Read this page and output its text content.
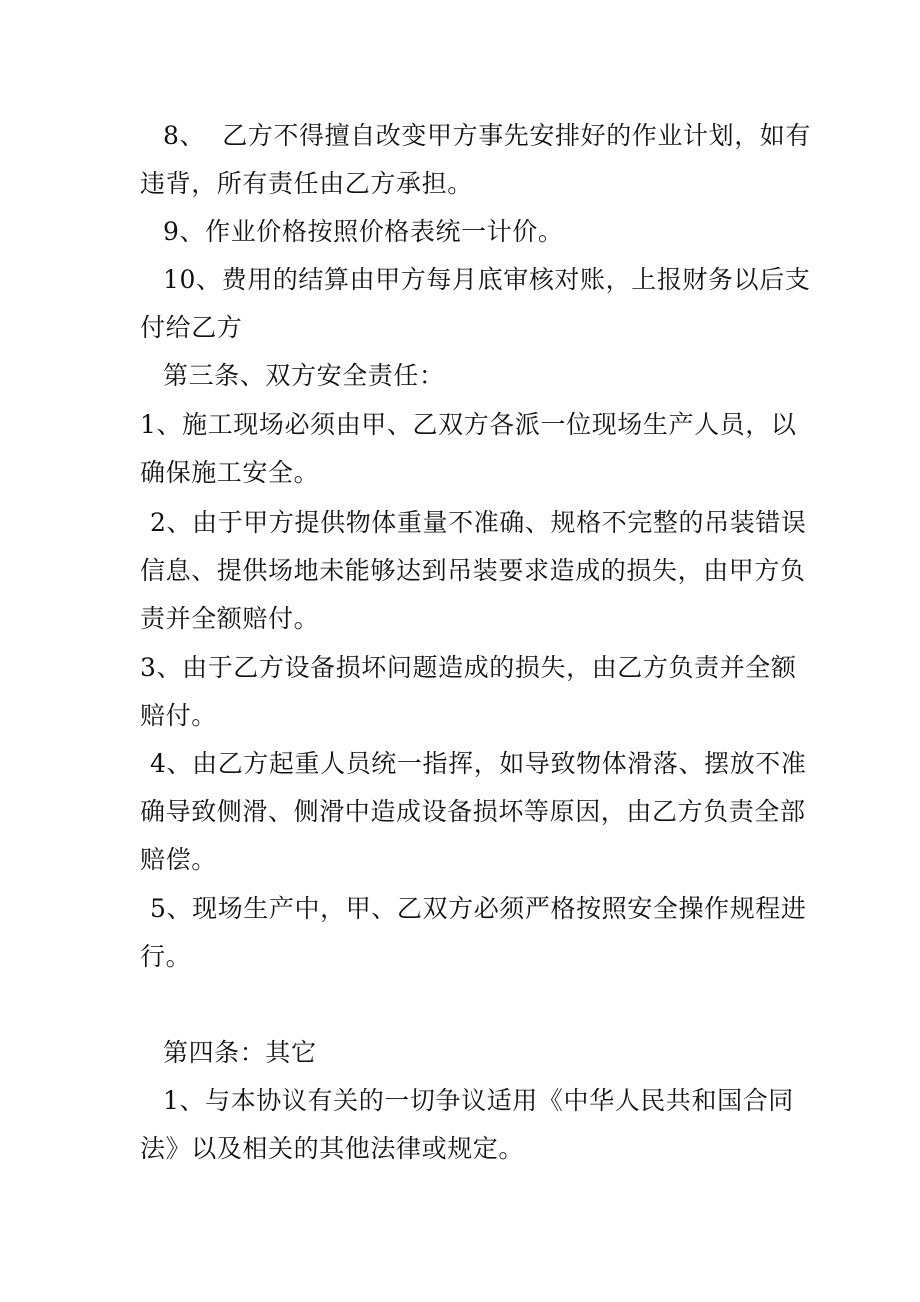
8、  乙方不得擅自改变甲方事先安排好的作业计划，如有
违背，所有责任由乙方承担。
9、作业价格按照价格表统一计价。
10、费用的结算由甲方每月底审核对账，上报财务以后支
付给乙方
第三条、双方安全责任：
1、施工现场必须由甲、乙双方各派一位现场生产人员，以
确保施工安全。
2、由于甲方提供物体重量不准确、规格不完整的吊装错误
信息、提供场地未能够达到吊装要求造成的损失，由甲方负
责并全额赔付。
3、由于乙方设备损坏问题造成的损失，由乙方负责并全额
赔付。
4、由乙方起重人员统一指挥，如导致物体滑落、摆放不准
确导致侧滑、侧滑中造成设备损坏等原因，由乙方负责全部
赔偿。
5、现场生产中，甲、乙双方必须严格按照安全操作规程进
行。
第四条：其它
1、与本协议有关的一切争议适用《中华人民共和国合同
法》以及相关的其他法律或规定。
